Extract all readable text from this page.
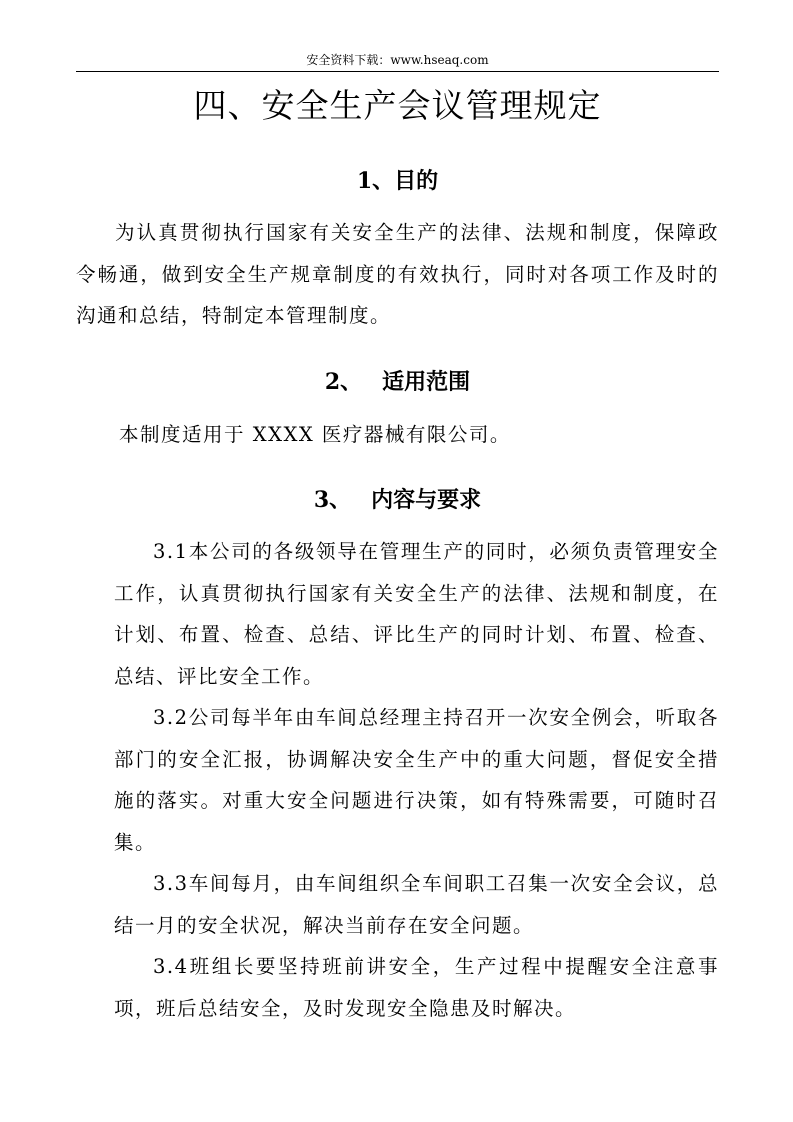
安全资料下载：www.hseaq.com
四、安全生产会议管理规定
1、目的

为认真贯彻执行国家有关安全生产的法律、法规和制度，保障政令畅通，做到安全生产规章制度的有效执行，同时对各项工作及时的沟通和总结，特制定本管理制度。

2、 适用范围

本制度适用于 XXXX 医疗器械有限公司。

3、 内容与要求

3.1本公司的各级领导在管理生产的同时，必须负责管理安全工作，认真贯彻执行国家有关安全生产的法律、法规和制度，在计划、布置、检查、总结、评比生产的同时计划、布置、检查、总结、评比安全工作。

3.2公司每半年由车间总经理主持召开一次安全例会，听取各部门的安全汇报，协调解决安全生产中的重大问题，督促安全措施的落实。对重大安全问题进行决策，如有特殊需要，可随时召集。

3.3车间每月，由车间组织全车间职工召集一次安全会议，总结一月的安全状况，解决当前存在安全问题。

3.4班组长要坚持班前讲安全，生产过程中提醒安全注意事项，班后总结安全，及时发现安全隐患及时解决。
